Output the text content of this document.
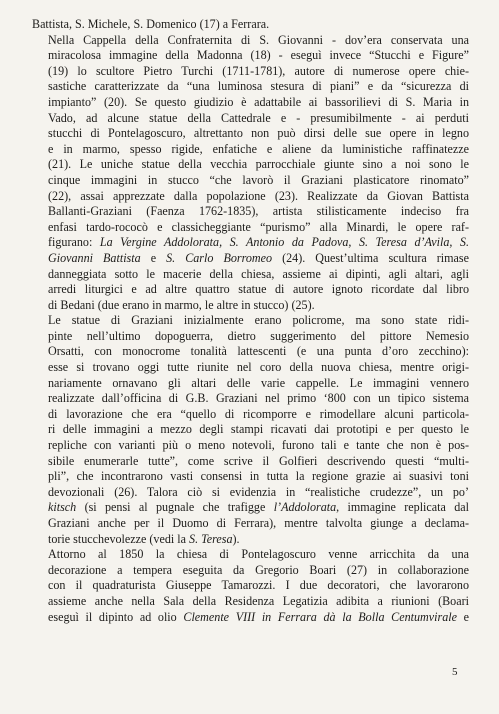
Battista, S. Michele, S. Domenico (17) a Ferrara.

Nella Cappella della Confraternita di S. Giovanni - dov’era conservata una
miracolosa immagine della Madonna (18) - eseguì invece “Stucchi e Figure”
(19) lo scultore Pietro Turchi (1711-1781), autore di numerose opere chie-
sastiche caratterizzate da “una luminosa stesura di piani” e da “sicurezza di
impianto” (20). Se questo giudizio è adattabile ai bassorilievi di S. Maria in
Vado, ad alcune statue della Cattedrale e - presumibilmente - ai perduti
stucchi di Pontelagoscuro, altrettanto non può dirsi delle sue opere in legno
e in marmo, spesso rigide, enfatiche e aliene da luministiche raffinatezze
(21). Le uniche statue della vecchia parrocchiale giunte sino a noi sono le
cinque immagini in stucco “che lavorò il Graziani plasticatore rinomato”
(22), assai apprezzate dalla popolazione (23). Realizzate da Giovan Battista
Ballanti-Graziani (Faenza 1762-1835), artista stilisticamente indeciso fra
enfasi tardo-rococò e classicheggiante “purismo” alla Minardi, le opere raf-
figurano: La Vergine Addolorata, S. Antonio da Padova, S. Teresa d’Avila, S.
Giovanni Battista e S. Carlo Borromeo (24). Quest’ultima scultura rimase
danneggiata sotto le macerie della chiesa, assieme ai dipinti, agli altari, agli
arredi liturgici e ad altre quattro statue di autore ignoto ricordate dal libro
di Bedani (due erano in marmo, le altre in stucco) (25).

Le statue di Graziani inizialmente erano policrome, ma sono state ridi-
pinte nell’ultimo dopoguerra, dietro suggerimento del pittore Nemesio
Orsatti, con monocrome tonalità lattescenti (e una punta d’oro zecchino):
esse si trovano oggi tutte riunite nel coro della nuova chiesa, mentre origi-
nariamente ornavano gli altari delle varie cappelle. Le immagini vennero
realizzate dall’officina di G.B. Graziani nel primo ‘800 con un tipico sistema
di lavorazione che era “quello di ricomporre e rimodellare alcuni particola-
ri delle immagini a mezzo degli stampi ricavati dai prototipi e per questo le
repliche con varianti più o meno notevoli, furono tali e tante che non è pos-
sibile enumerarle tutte”, come scrive il Golfieri descrivendo questi “multi-
pli”, che incontrarono vasti consensi in tutta la regione grazie ai suasivi toni
devozionali (26). Talora ciò si evidenzia in “realistiche crudezze”, un po’
kitsch (si pensi al pugnale che trafigge l’Addolorata, immagine replicata dal
Graziani anche per il Duomo di Ferrara), mentre talvolta giunge a declama-
torie stucchevolezze (vedi la S. Teresa).

Attorno al 1850 la chiesa di Pontelagoscuro venne arricchita da una
decorazione a tempera eseguita da Gregorio Boari (27) in collaborazione
con il quadraturista Giuseppe Tamarozzi. I due decoratori, che lavorarono
assieme anche nella Sala della Residenza Legatizia adibita a riunioni (Boari
eseguì il dipinto ad olio Clemente VIII in Ferrara dà la Bolla Centumvirale e

5
